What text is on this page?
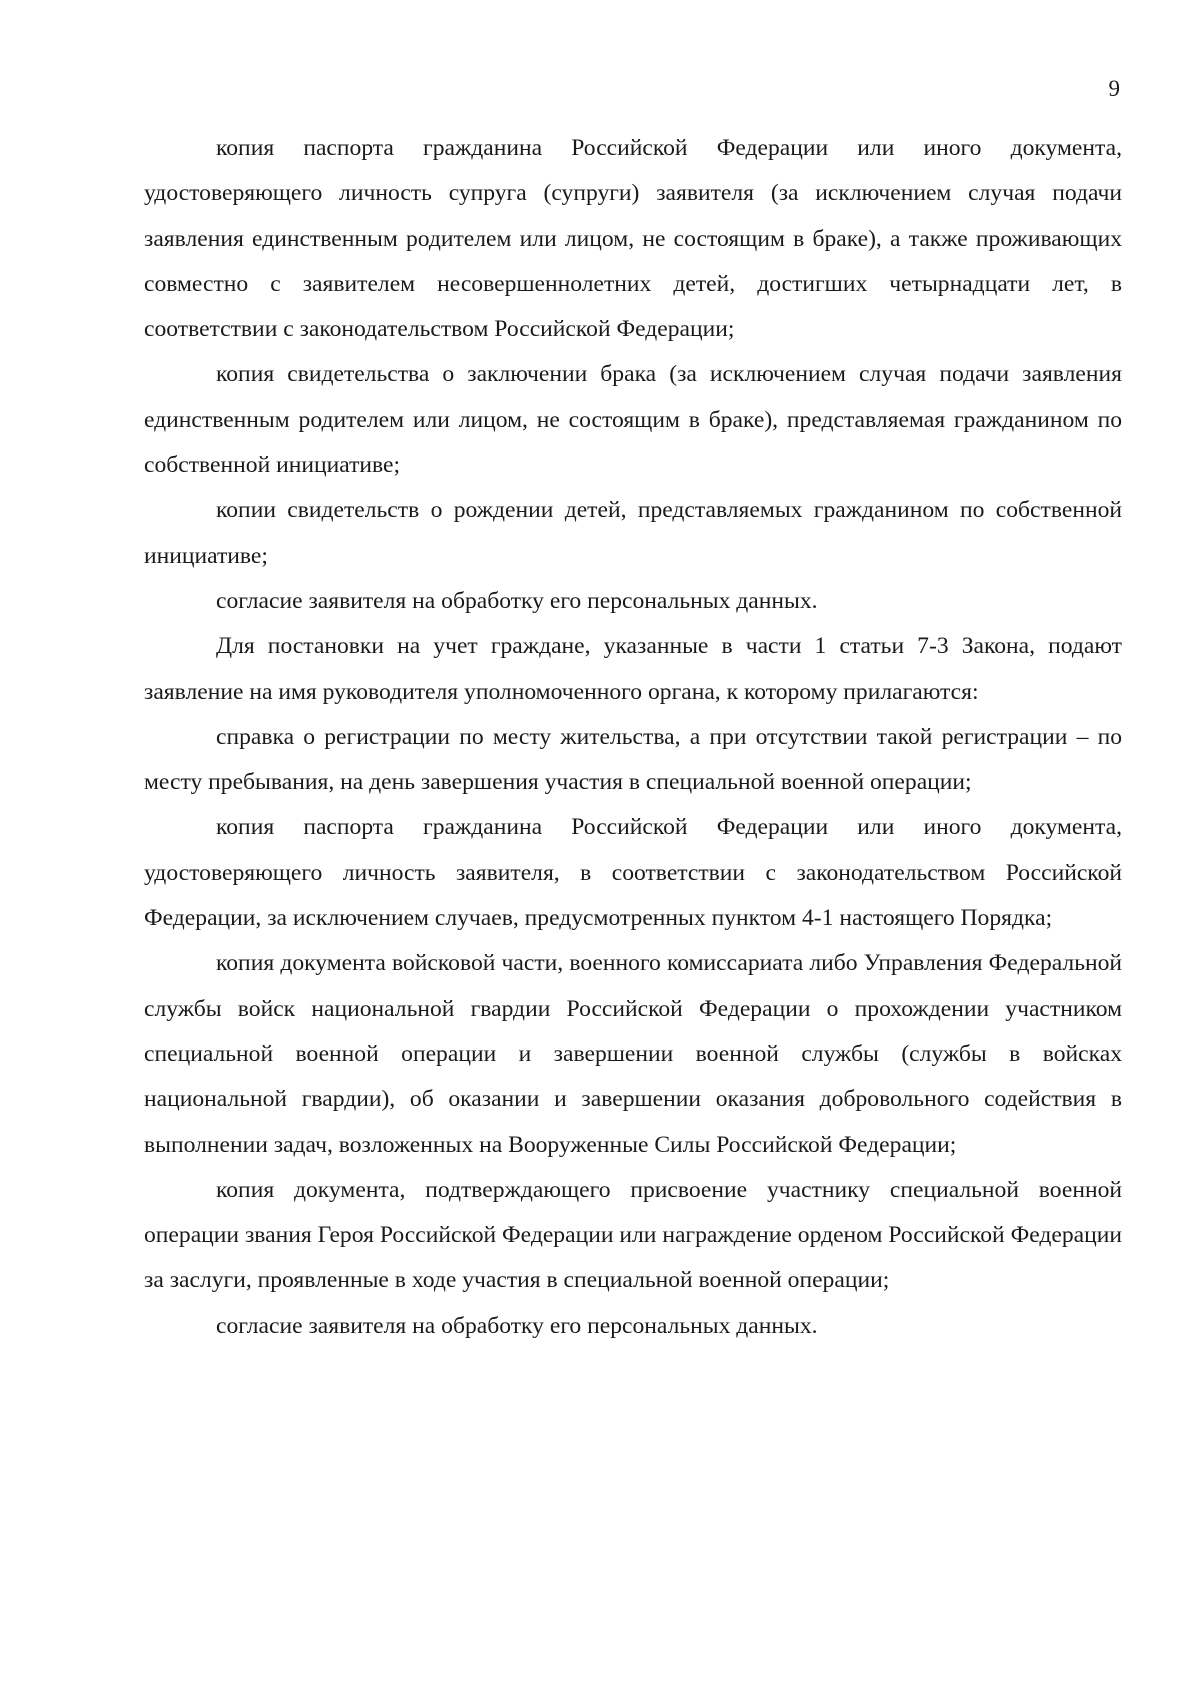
9

копия паспорта гражданина Российской Федерации или иного документа, удостоверяющего личность супруга (супруги) заявителя (за исключением случая подачи заявления единственным родителем или лицом, не состоящим в браке), а также проживающих совместно с заявителем несовершеннолетних детей, достигших четырнадцати лет, в соответствии с законодательством Российской Федерации;

копия свидетельства о заключении брака (за исключением случая подачи заявления единственным родителем или лицом, не состоящим в браке), представляемая гражданином по собственной инициативе;

копии свидетельств о рождении детей, представляемых гражданином по собственной инициативе;

согласие заявителя на обработку его персональных данных.

Для постановки на учет граждане, указанные в части 1 статьи 7-3 Закона, подают заявление на имя руководителя уполномоченного органа, к которому прилагаются:

справка о регистрации по месту жительства, а при отсутствии такой регистрации – по месту пребывания, на день завершения участия в специальной военной операции;

копия паспорта гражданина Российской Федерации или иного документа, удостоверяющего личность заявителя, в соответствии с законодательством Российской Федерации, за исключением случаев, предусмотренных пунктом 4-1 настоящего Порядка;

копия документа войсковой части, военного комиссариата либо Управления Федеральной службы войск национальной гвардии Российской Федерации о прохождении участником специальной военной операции и завершении военной службы (службы в войсках национальной гвардии), об оказании и завершении оказания добровольного содействия в выполнении задач, возложенных на Вооруженные Силы Российской Федерации;

копия документа, подтверждающего присвоение участнику специальной военной операции звания Героя Российской Федерации или награждение орденом Российской Федерации за заслуги, проявленные в ходе участия в специальной военной операции;

согласие заявителя на обработку его персональных данных.
